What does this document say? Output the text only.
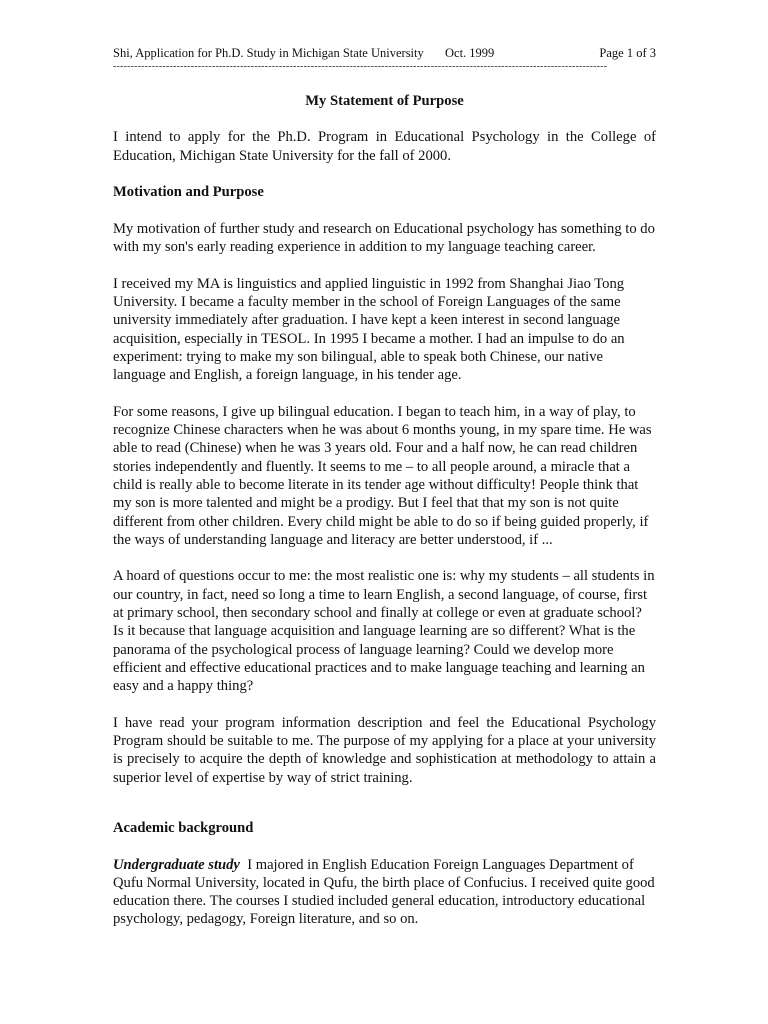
Shi, Application for Ph.D. Study in Michigan State University Oct. 1999	Page 1 of 3
--------------------------------------------------------------------------------------------------------------------------------------------
My Statement of Purpose

I intend to apply for the Ph.D. Program in Educational Psychology in the College of Education, Michigan State University for the fall of 2000.

Motivation and Purpose

My motivation of further study and research on Educational psychology has something to do with my son's early reading experience in addition to my language teaching career.

I received my MA is linguistics and applied linguistic in 1992 from Shanghai Jiao Tong University. I became a faculty member in the school of Foreign Languages of the same university immediately after graduation. I have kept a keen interest in second language acquisition, especially in TESOL. In 1995 I became a mother. I had an impulse to do an experiment: trying to make my son bilingual, able to speak both Chinese, our native language and English, a foreign language, in his tender age.

For some reasons, I give up bilingual education. I began to teach him, in a way of play, to recognize Chinese characters when he was about 6 months young, in my spare time. He was able to read (Chinese) when he was 3 years old. Four and a half now, he can read children stories independently and fluently. It seems to me – to all people around, a miracle that a child is really able to become literate in its tender age without difficulty! People think that my son is more talented and might be a prodigy. But I feel that that my son is not quite different from other children. Every child might be able to do so if being guided properly, if the ways of understanding language and literacy are better understood, if ...

A hoard of questions occur to me: the most realistic one is: why my students – all students in our country, in fact, need so long a time to learn English, a second language, of course, first at primary school, then secondary school and finally at college or even at graduate school? Is it because that language acquisition and language learning are so different? What is the panorama of the psychological process of language learning? Could we develop more efficient and effective educational practices and to make language teaching and learning an easy and a happy thing?

I have read your program information description and feel the Educational Psychology Program should be suitable to me. The purpose of my applying for a place at your university is precisely to acquire the depth of knowledge and sophistication at methodology to attain a superior level of expertise by way of strict training.

Academic background

Undergraduate study I majored in English Education Foreign Languages Department of Qufu Normal University, located in Qufu, the birth place of Confucius. I received quite good education there. The courses I studied included general education, introductory educational psychology, pedagogy, Foreign literature, and so on.
